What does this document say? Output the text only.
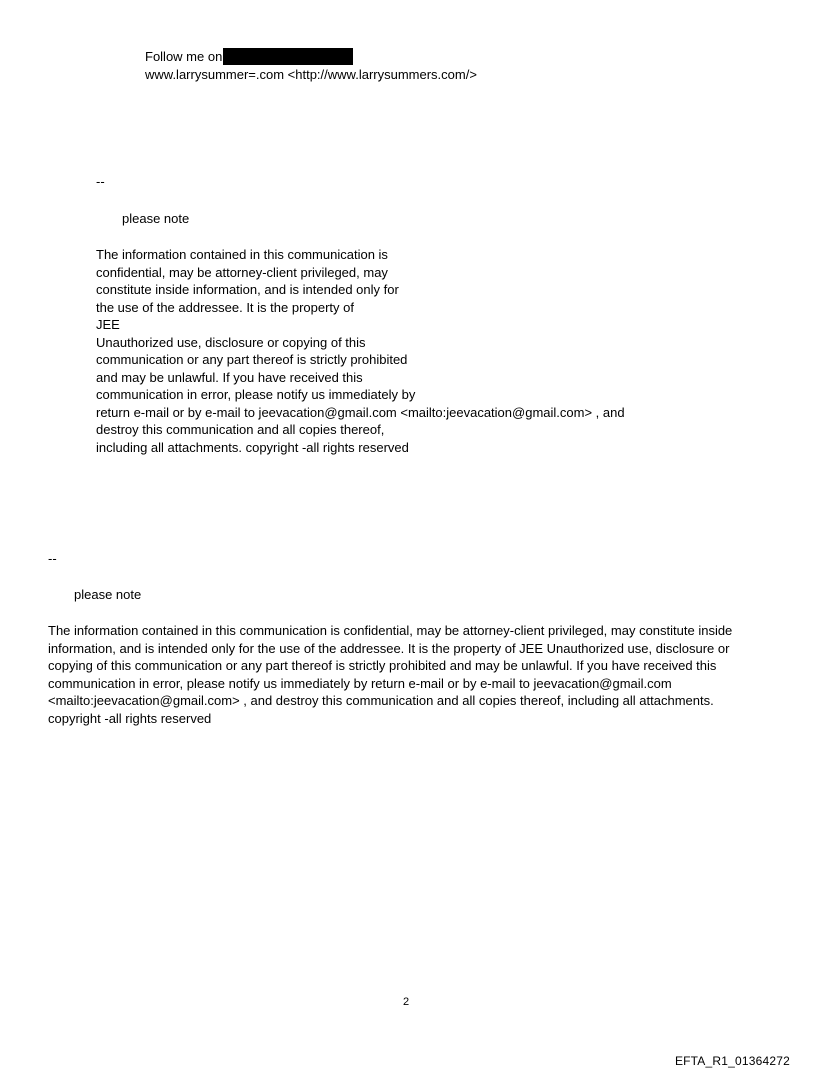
Follow me on
www.larrysummer=.com <http://www.larrysummers.com/>
--
please note
The information contained in this communication is
confidential, may be attorney-client privileged, may
constitute inside information, and is intended only for
the use of the addressee. It is the property of
JEE
Unauthorized use, disclosure or copying of this
communication or any part thereof is strictly prohibited
and may be unlawful. If you have received this
communication in error, please notify us immediately by
return e-mail or by e-mail to jeevacation@gmail.com <mailto:jeevacation@gmail.com> , and
destroy this communication and all copies thereof,
including all attachments. copyright -all rights reserved
--
please note
The information contained in this communication is confidential, may be attorney-client privileged, may constitute inside information, and is intended only for the use of the addressee. It is the property of JEE Unauthorized use, disclosure or copying of this communication or any part thereof is strictly prohibited and may be unlawful. If you have received this communication in error, please notify us immediately by return e-mail or by e-mail to jeevacation@gmail.com <mailto:jeevacation@gmail.com> , and destroy this communication and all copies thereof, including all attachments. copyright -all rights reserved
2
EFTA_R1_01364272
